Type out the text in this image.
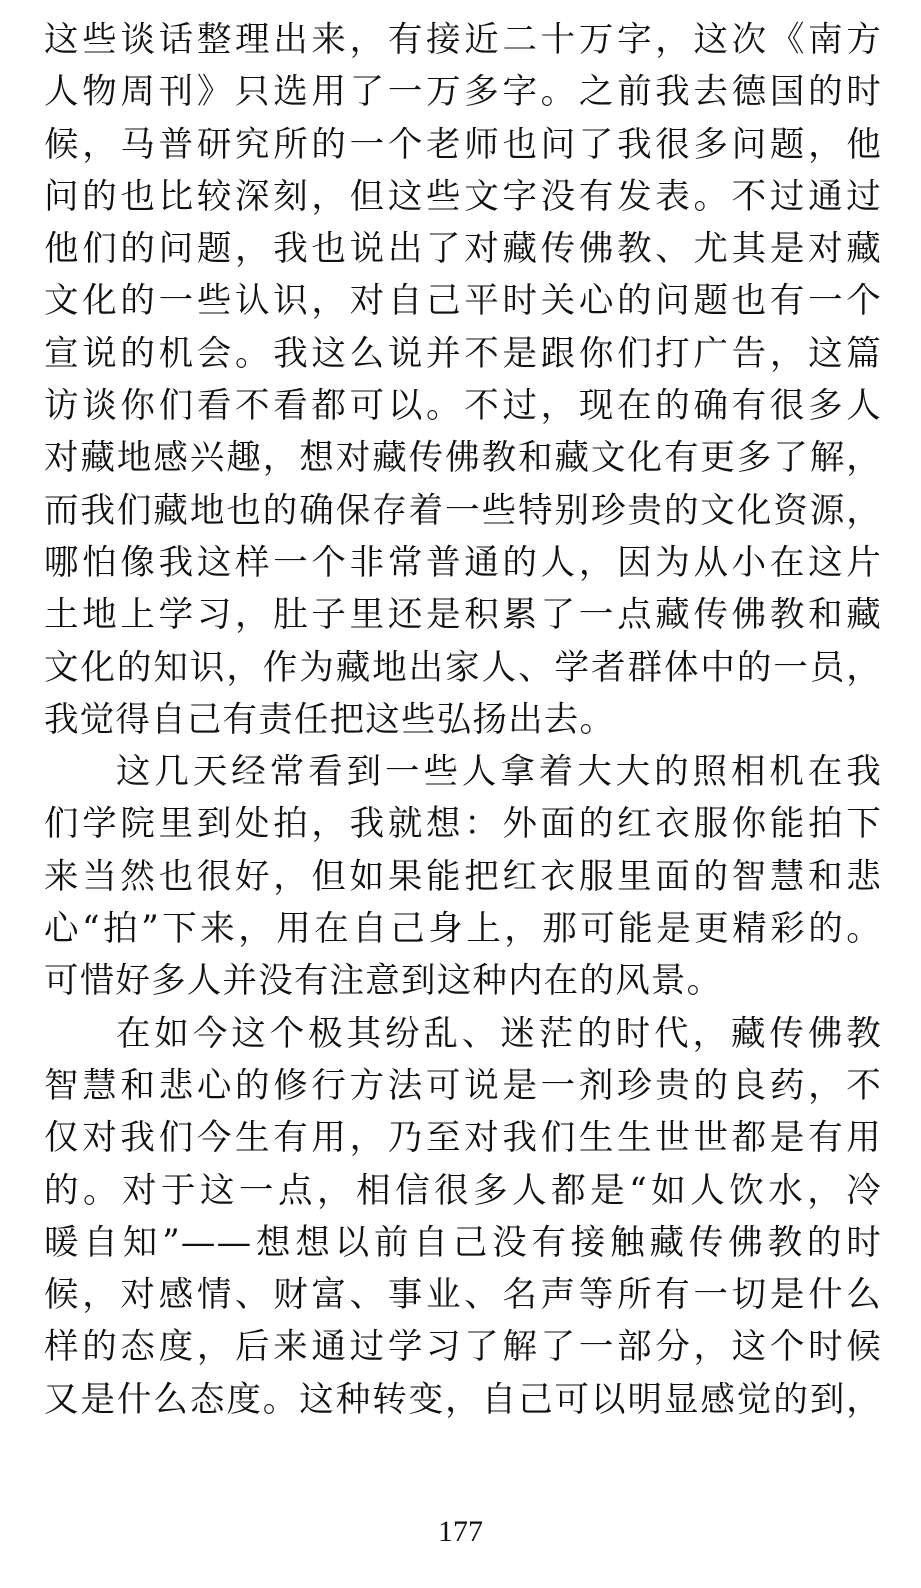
这些谈话整理出来，有接近二十万字，这次《南方
人物周刊》只选用了一万多字。之前我去德国的时
候，马普研究所的一个老师也问了我很多问题，他
问的也比较深刻，但这些文字没有发表。不过通过
他们的问题，我也说出了对藏传佛教、尤其是对藏
文化的一些认识，对自己平时关心的问题也有一个
宣说的机会。我这么说并不是跟你们打广告，这篇
访谈你们看不看都可以。不过，现在的确有很多人
对藏地感兴趣，想对藏传佛教和藏文化有更多了解，
而我们藏地也的确保存着一些特别珍贵的文化资源，
哪怕像我这样一个非常普通的人，因为从小在这片
土地上学习，肚子里还是积累了一点藏传佛教和藏
文化的知识，作为藏地出家人、学者群体中的一员，
我觉得自己有责任把这些弘扬出去。
这几天经常看到一些人拿着大大的照相机在我
们学院里到处拍，我就想：外面的红衣服你能拍下
来当然也很好，但如果能把红衣服里面的智慧和悲
心“拍”下来，用在自己身上，那可能是更精彩的。
可惜好多人并没有注意到这种内在的风景。
在如今这个极其纷乱、迷茫的时代，藏传佛教
智慧和悲心的修行方法可说是一剂珍贵的良药，不
仅对我们今生有用，乃至对我们生生世世都是有用
的。对于这一点，相信很多人都是“如人饮水，冷
暖自知”——想想以前自己没有接触藏传佛教的时
候，对感情、财富、事业、名声等所有一切是什么
样的态度，后来通过学习了解了一部分，这个时候
又是什么态度。这种转变，自己可以明显感觉的到，
177
